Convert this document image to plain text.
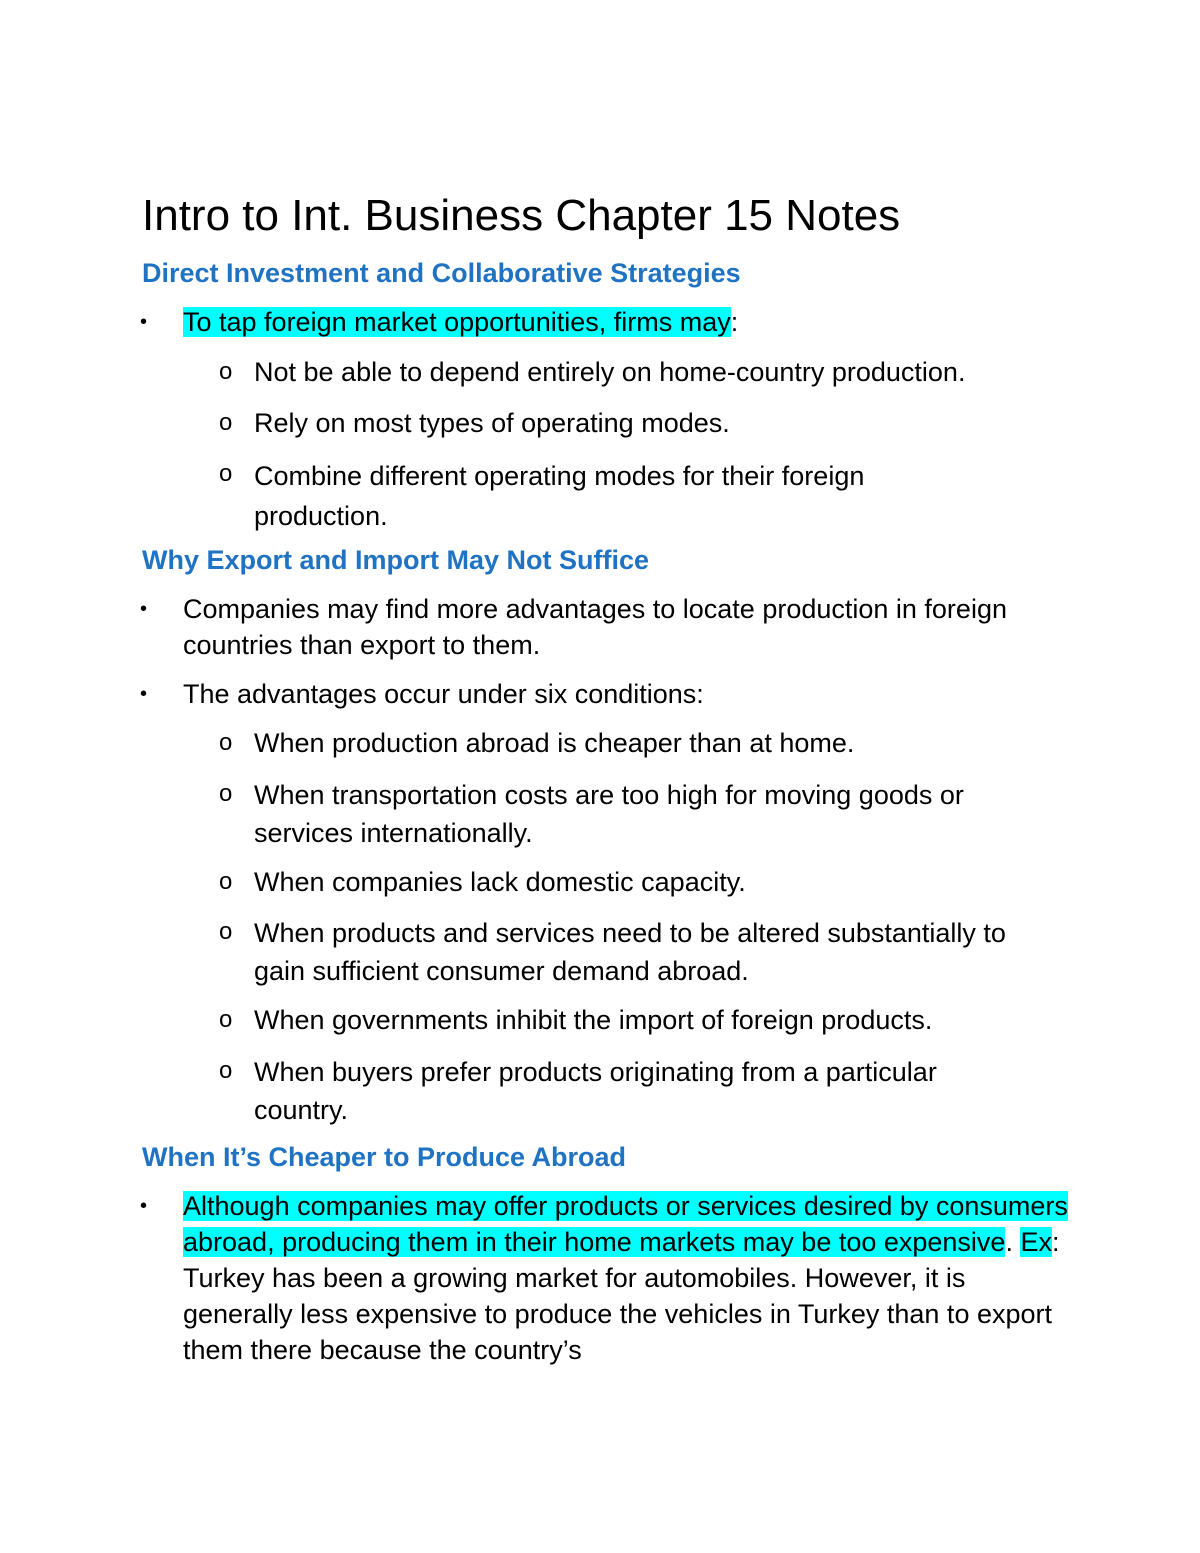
Intro to Int. Business Chapter 15 Notes
Direct Investment and Collaborative Strategies
• To tap foreign market opportunities, firms may:

o Not be able to depend entirely on home-country production.

o Rely on most types of operating modes.

o Combine different operating modes for their foreign production.

Why Export and Import May Not Suffice
• Companies may find more advantages to locate production in foreign countries than export to them.

• The advantages occur under six conditions:

o When production abroad is cheaper than at home.

o When transportation costs are too high for moving goods or services internationally.

o When companies lack domestic capacity.

o When products and services need to be altered substantially to gain sufficient consumer demand abroad.

o When governments inhibit the import of foreign products.

o When buyers prefer products originating from a particular country.

When It’s Cheaper to Produce Abroad
• Although companies may offer products or services desired by consumers abroad, producing them in their home markets may be too expensive. Ex: Turkey has been a growing market for automobiles. However, it is generally less expensive to produce the vehicles in Turkey than to export them there because the country’s
